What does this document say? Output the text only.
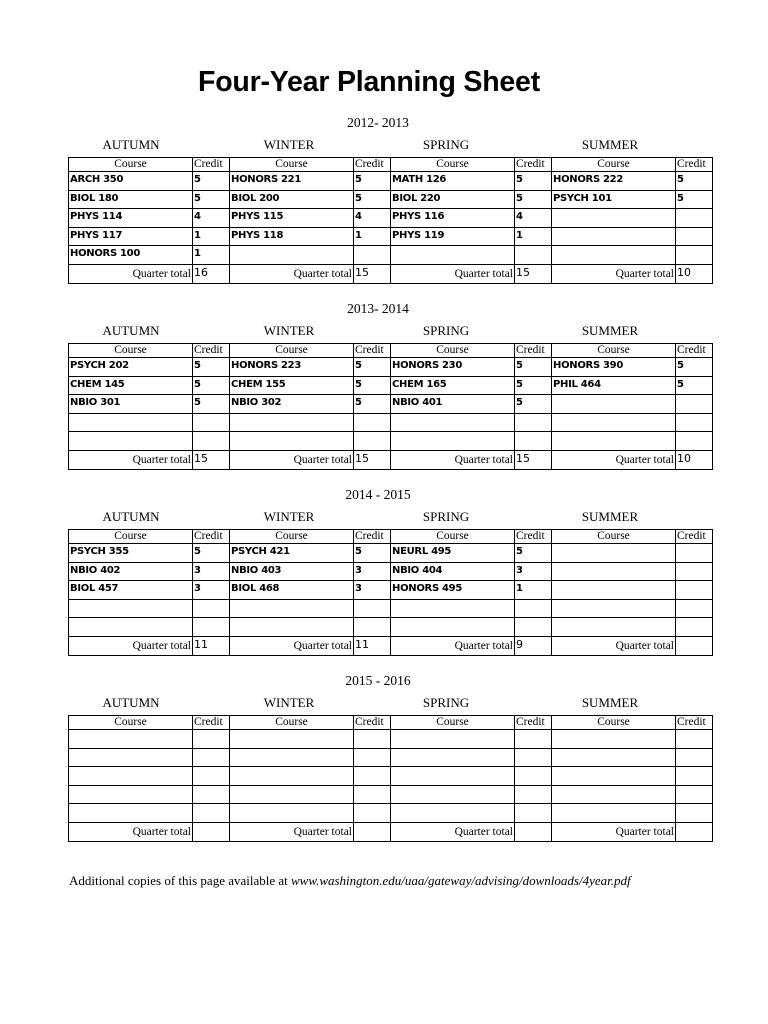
Four-Year Planning Sheet
2012- 2013
AUTUMN	WINTER	SPRING	SUMMER
Course	Credit	Course	Credit	Course	Credit	Course	Credit
ARCH 350	5	HONORS 221	5	MATH 126	5	HONORS 222	5
BIOL 180	5	BIOL 200	5	BIOL 220	5	PSYCH 101	5
PHYS 114	4	PHYS 115	4	PHYS 116	4		
PHYS 117	1	PHYS 118	1	PHYS 119	1		
HONORS 100	1						
Quarter total	16	Quarter total	15	Quarter total	15	Quarter total	10
2013- 2014
AUTUMN	WINTER	SPRING	SUMMER
Course	Credit	Course	Credit	Course	Credit	Course	Credit
PSYCH 202	5	HONORS 223	5	HONORS 230	5	HONORS 390	5
CHEM 145	5	CHEM 155	5	CHEM 165	5	PHIL 464	5
NBIO 301	5	NBIO 302	5	NBIO 401	5		

Quarter total	15	Quarter total	15	Quarter total	15	Quarter total	10
2014 - 2015
AUTUMN	WINTER	SPRING	SUMMER
Course	Credit	Course	Credit	Course	Credit	Course	Credit
PSYCH 355	5	PSYCH 421	5	NEURL 495	5		
NBIO 402	3	NBIO 403	3	NBIO 404	3		
BIOL 457	3	BIOL 468	3	HONORS 495	1		

Quarter total	11	Quarter total	11	Quarter total	9	Quarter total	
2015 - 2016
AUTUMN	WINTER	SPRING	SUMMER
Course	Credit	Course	Credit	Course	Credit	Course	Credit

Quarter total		Quarter total		Quarter total		Quarter total	
Additional copies of this page available at www.washington.edu/uaa/gateway/advising/downloads/4year.pdf
